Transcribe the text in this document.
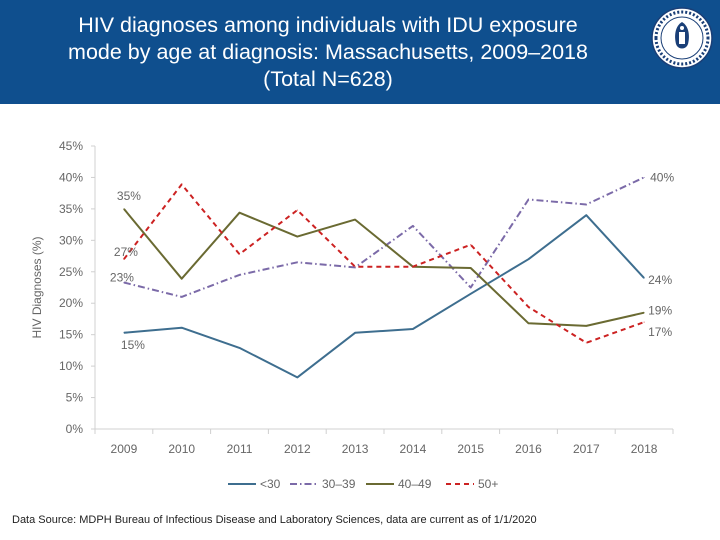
HIV diagnoses among individuals with IDU exposure
mode by age at diagnosis: Massachusetts, 2009–2018
(Total N=628)
0%
5%
10%
15%
20%
25%
30%
35%
40%
45%
2009	2010	2011	2012	2013	2014	2015	2016	2017	2018
HIV Diagnoses (%)
15%
24%
23%
40%
35%
19%
27%
17%
<30	30–39	40–49	50+
Data Source: MDPH Bureau of Infectious Disease and Laboratory Sciences, data are current as of 1/1/2020
